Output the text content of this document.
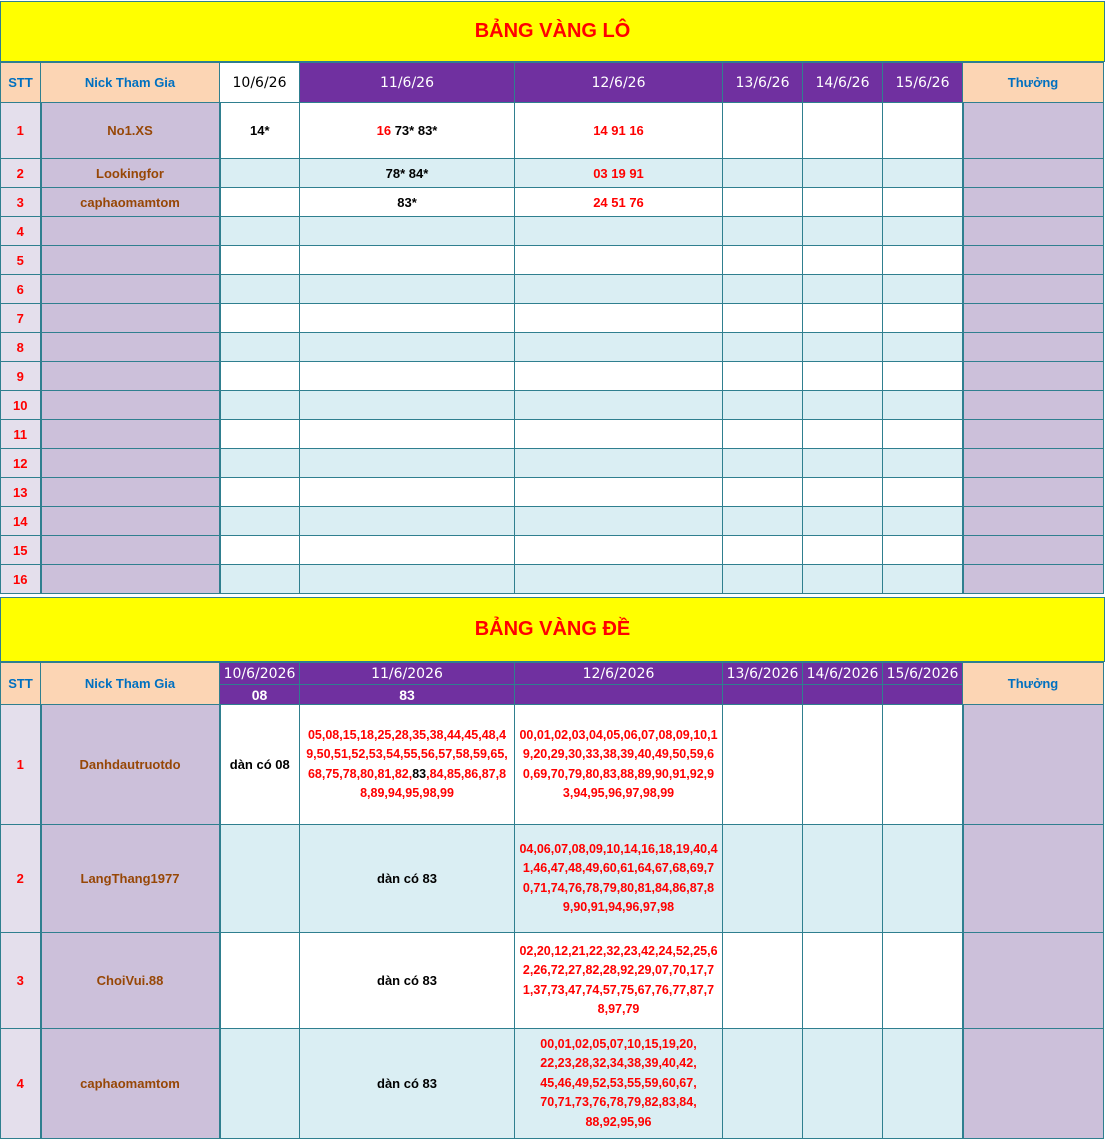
BẢNG VÀNG LÔ
STT	Nick Tham Gia	10/6/26	11/6/26	12/6/26	13/6/26	14/6/26	15/6/26	Thưởng
1	No1.XS	14*	16 73* 83*	14 91 16				
2	Lookingfor		78* 84*	03 19 91				
3	caphaomamtom		83*	24 51 76				
4								
5								
6								
7								
8								
9								
10								
11								
12								
13								
14								
15								
16								
BẢNG VÀNG ĐỀ
STT	Nick Tham Gia	10/6/2026	11/6/2026	12/6/2026	13/6/2026	14/6/2026	15/6/2026	Thưởng
		08	83					
1	Danhdautruotdo	dàn có 08	05,08,15,18,25,28,35,38,44,45,48,49,50,51,52,53,54,55,56,57,58,59,65,68,75,78,80,81,82,83,84,85,86,87,88,89,94,95,98,99	00,01,02,03,04,05,06,07,08,09,10,19,20,29,30,33,38,39,40,49,50,59,60,69,70,79,80,83,88,89,90,91,92,93,94,95,96,97,98,99				
2	LangThang1977		dàn có 83	04,06,07,08,09,10,14,16,18,19,40,41,46,47,48,49,60,61,64,67,68,69,70,71,74,76,78,79,80,81,84,86,87,89,90,91,94,96,97,98				
3	ChoiVui.88		dàn có 83	02,20,12,21,22,32,23,42,24,52,25,62,26,72,27,82,28,92,29,07,70,17,71,37,73,47,74,57,75,67,76,77,87,78,97,79				
4	caphaomamtom		dàn có 83	00,01,02,05,07,10,15,19,20,22,23,28,32,34,38,39,40,42,45,46,49,52,53,55,59,60,67,70,71,73,76,78,79,82,83,84,88,92,95,96				
